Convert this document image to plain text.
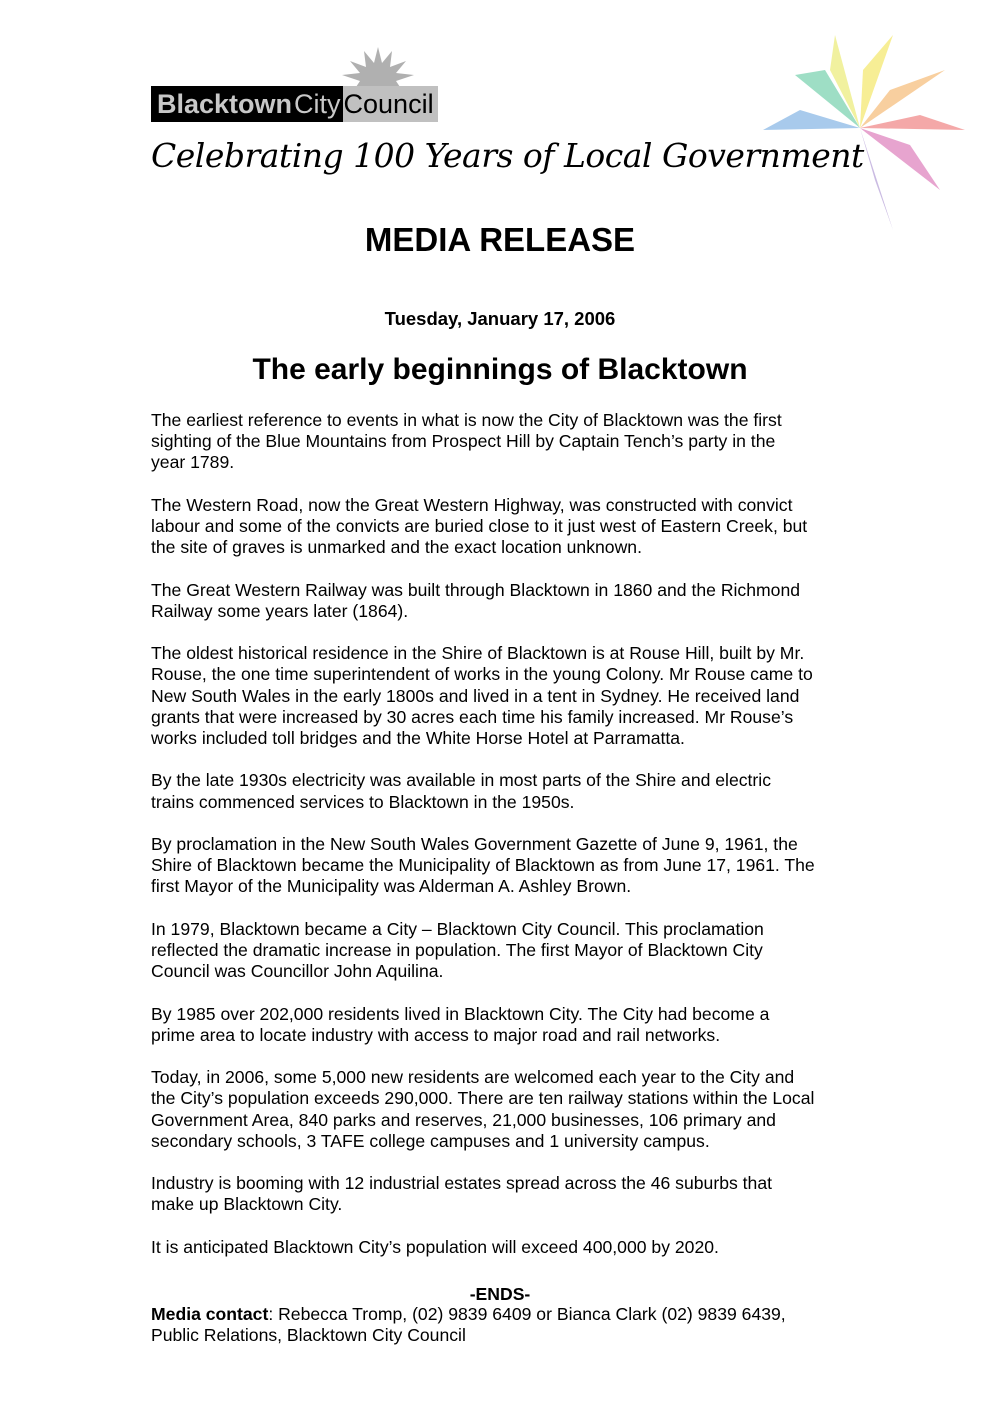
Blacktown City Council
Celebrating 100 Years of Local Government
MEDIA RELEASE
Tuesday, January 17, 2006
The early beginnings of Blacktown

The earliest reference to events in what is now the City of Blacktown was the first
sighting of the Blue Mountains from Prospect Hill by Captain Tench’s party in the
year 1789.

The Western Road, now the Great Western Highway, was constructed with convict
labour and some of the convicts are buried close to it just west of Eastern Creek, but
the site of graves is unmarked and the exact location unknown.

The Great Western Railway was built through Blacktown in 1860 and the Richmond
Railway some years later (1864).

The oldest historical residence in the Shire of Blacktown is at Rouse Hill, built by Mr.
Rouse, the one time superintendent of works in the young Colony. Mr Rouse came to
New South Wales in the early 1800s and lived in a tent in Sydney. He received land
grants that were increased by 30 acres each time his family increased. Mr Rouse’s
works included toll bridges and the White Horse Hotel at Parramatta.

By the late 1930s electricity was available in most parts of the Shire and electric
trains commenced services to Blacktown in the 1950s.

By proclamation in the New South Wales Government Gazette of June 9, 1961, the
Shire of Blacktown became the Municipality of Blacktown as from June 17, 1961. The
first Mayor of the Municipality was Alderman A. Ashley Brown.

In 1979, Blacktown became a City – Blacktown City Council. This proclamation
reflected the dramatic increase in population. The first Mayor of Blacktown City
Council was Councillor John Aquilina.

By 1985 over 202,000 residents lived in Blacktown City. The City had become a
prime area to locate industry with access to major road and rail networks.

Today, in 2006, some 5,000 new residents are welcomed each year to the City and
the City’s population exceeds 290,000. There are ten railway stations within the Local
Government Area, 840 parks and reserves, 21,000 businesses, 106 primary and
secondary schools, 3 TAFE college campuses and 1 university campus.

Industry is booming with 12 industrial estates spread across the 46 suburbs that
make up Blacktown City.

It is anticipated Blacktown City’s population will exceed 400,000 by 2020.

-ENDS-
Media contact: Rebecca Tromp, (02) 9839 6409 or Bianca Clark (02) 9839 6439,
Public Relations, Blacktown City Council
